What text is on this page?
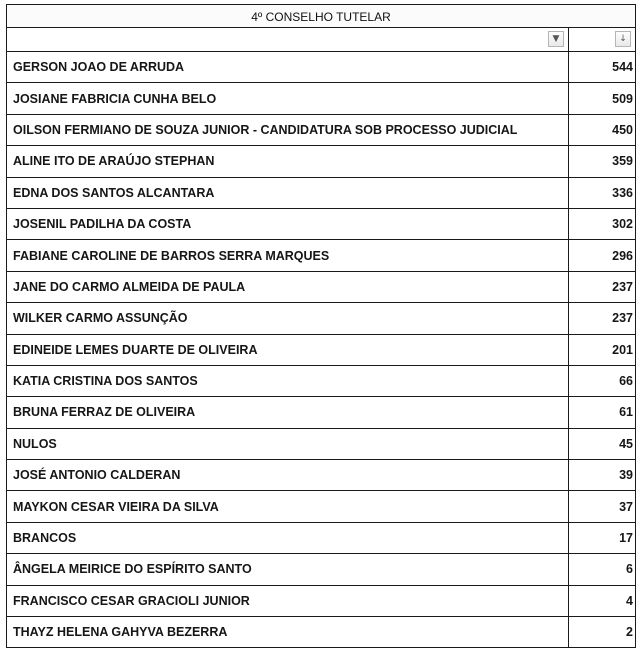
4º CONSELHO TUTELAR
▼	↓
GERSON JOAO DE ARRUDA	544
JOSIANE FABRICIA CUNHA BELO	509
OILSON FERMIANO DE SOUZA JUNIOR - CANDIDATURA SOB PROCESSO JUDICIAL	450
ALINE ITO DE ARAÚJO STEPHAN	359
EDNA DOS SANTOS ALCANTARA	336
JOSENIL PADILHA DA COSTA	302
FABIANE CAROLINE DE BARROS SERRA MARQUES	296
JANE DO CARMO ALMEIDA DE PAULA	237
WILKER CARMO ASSUNÇÃO	237
EDINEIDE LEMES DUARTE DE OLIVEIRA	201
KATIA CRISTINA DOS SANTOS	66
BRUNA FERRAZ DE OLIVEIRA	61
NULOS	45
JOSÉ ANTONIO CALDERAN	39
MAYKON CESAR VIEIRA DA SILVA	37
BRANCOS	17
ÂNGELA MEIRICE DO ESPÍRITO SANTO	6
FRANCISCO CESAR GRACIOLI JUNIOR	4
THAYZ HELENA GAHYVA BEZERRA	2
